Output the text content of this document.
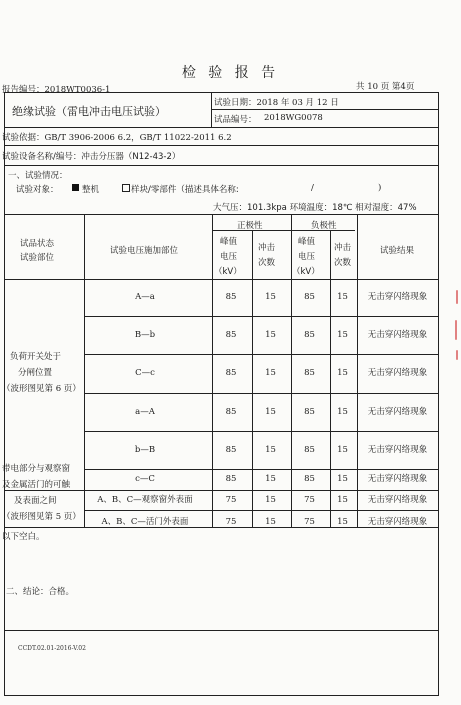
检 验 报 告
报告编号：2018WT0036-1	共 10 页 第4页
绝缘试验（雷电冲击电压试验）
试验日期：2018 年 03 月 12 日
试品编号： 2018WG0078
试验依据：GB/T 3906-2006 6.2，GB/T 11022-2011 6.2
试验设备名称/编号：冲击分压器（N12-43-2）
一、试验情况：
试验对象：	整机	样块/零部件（描述具体名称:	/	)
大气压：101.3kpa 环境温度：18℃ 相对湿度：47%
试品状态
试验部位
试验电压施加部位
正极性	负极性
峰值
电压
（kV）
冲击
次数
峰值
电压
（kV）
冲击
次数
试验结果
负荷开关处于
分闸位置
（波形图见第 6 页）
带电部分与观察窗
及金属活门的可触
及表面之间
（波形图见第 5 页）
A—a	85	15	85	15	无击穿闪络现象
B—b	85	15	85	15	无击穿闪络现象
C—c	85	15	85	15	无击穿闪络现象
a—A	85	15	85	15	无击穿闪络现象
b—B	85	15	85	15	无击穿闪络现象
c—C	85	15	85	15	无击穿闪络现象
A、B、C—观察窗外表面	75	15	75	15	无击穿闪络现象
A、B、C—活门外表面	75	15	75	15	无击穿闪络现象
以下空白。
二、结论：合格。
CCDT.02.01-2016-V.02
